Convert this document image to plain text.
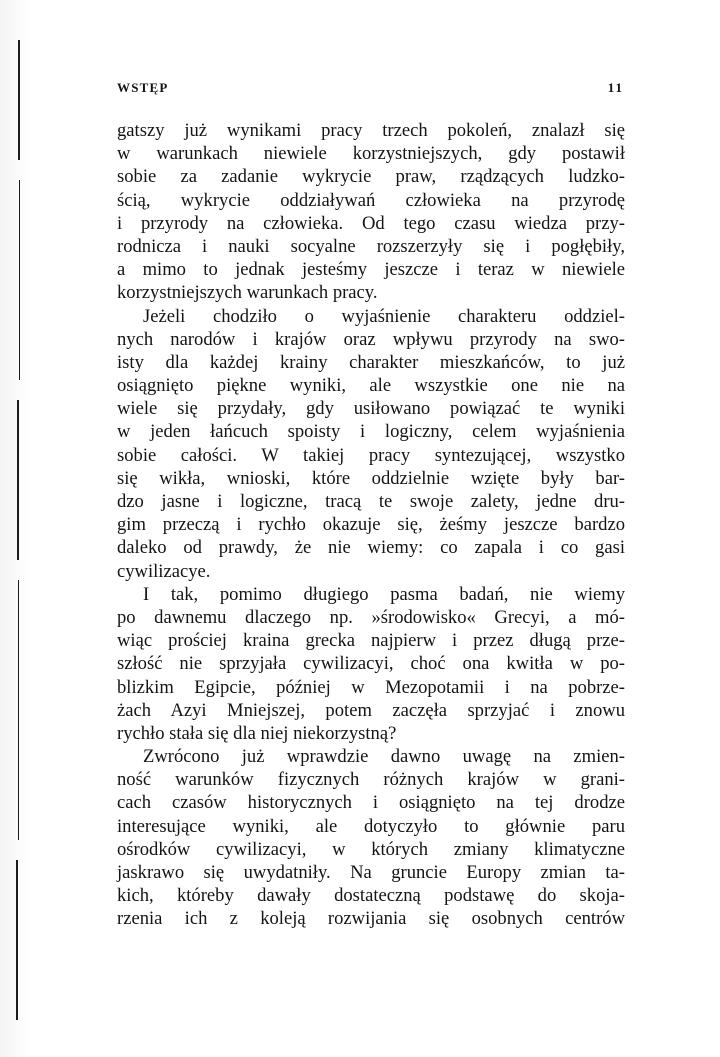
WSTĘP	11
gatszy już wynikami pracy trzech pokoleń, znalazł się
w warunkach niewiele korzystniejszych, gdy postawił
sobie za zadanie wykrycie praw, rządzących ludzko-
ścią, wykrycie oddziaływań człowieka na przyrodę
i przyrody na człowieka. Od tego czasu wiedza przy-
rodnicza i nauki socyalne rozszerzyły się i pogłębiły,
a mimo to jednak jesteśmy jeszcze i teraz w niewiele
korzystniejszych warunkach pracy.
Jeżeli chodziło o wyjaśnienie charakteru oddziel-
nych narodów i krajów oraz wpływu przyrody na swo-
isty dla każdej krainy charakter mieszkańców, to już
osiągnięto piękne wyniki, ale wszystkie one nie na
wiele się przydały, gdy usiłowano powiązać te wyniki
w jeden łańcuch spoisty i logiczny, celem wyjaśnienia
sobie całości. W takiej pracy syntezującej, wszystko
się wikła, wnioski, które oddzielnie wzięte były bar-
dzo jasne i logiczne, tracą te swoje zalety, jedne dru-
gim przeczą i rychło okazuje się, żeśmy jeszcze bardzo
daleko od prawdy, że nie wiemy: co zapala i co gasi
cywilizacye.
I tak, pomimo długiego pasma badań, nie wiemy
po dawnemu dlaczego np. »środowisko« Grecyi, a mó-
wiąc prościej kraina grecka najpierw i przez długą prze-
szłość nie sprzyjała cywilizacyi, choć ona kwitła w po-
blizkim Egipcie, później w Mezopotamii i na pobrze-
żach Azyi Mniejszej, potem zaczęła sprzyjać i znowu
rychło stała się dla niej niekorzystną?
Zwrócono już wprawdzie dawno uwagę na zmien-
ność warunków fizycznych różnych krajów w grani-
cach czasów historycznych i osiągnięto na tej drodze
interesujące wyniki, ale dotyczyło to głównie paru
ośrodków cywilizacyi, w których zmiany klimatyczne
jaskrawo się uwydatniły. Na gruncie Europy zmian ta-
kich, któreby dawały dostateczną podstawę do skoja-
rzenia ich z koleją rozwijania się osobnych centrów
